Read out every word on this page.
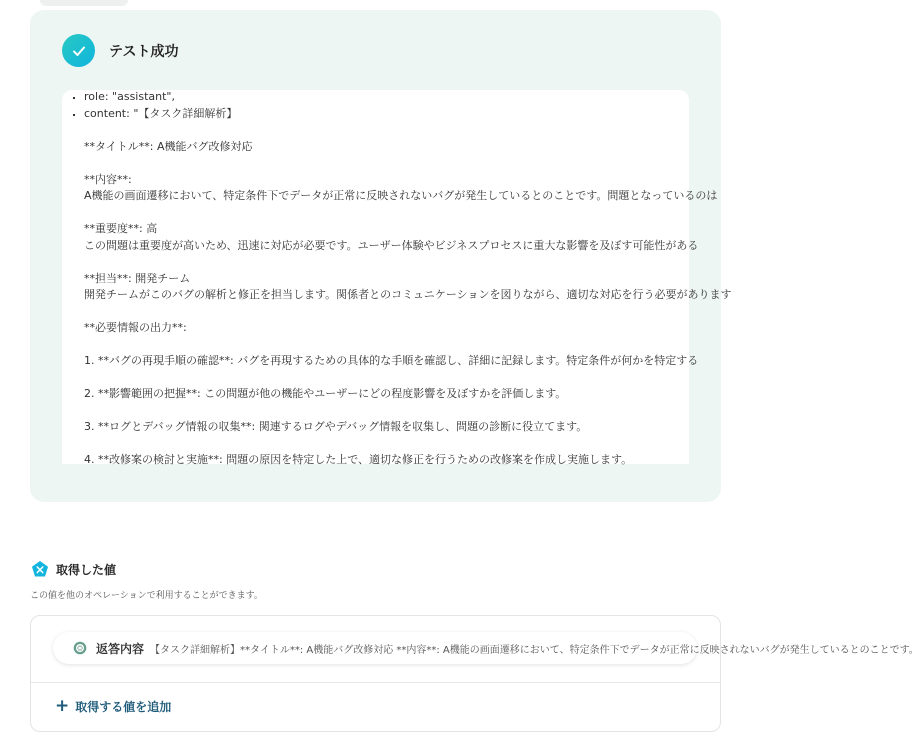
テスト成功
▪ role: "assistant",
▪ content: "【タスク詳細解析】

**タイトル**: A機能バグ改修対応

**内容**:
A機能の画面遷移において、特定条件下でデータが正常に反映されないバグが発生しているとのことです。問題となっているのは

**重要度**: 高
この問題は重要度が高いため、迅速に対応が必要です。ユーザー体験やビジネスプロセスに重大な影響を及ぼす可能性がある

**担当**: 開発チーム
開発チームがこのバグの解析と修正を担当します。関係者とのコミュニケーションを図りながら、適切な対応を行う必要があります

**必要情報の出力**:

1. **バグの再現手順の確認**: バグを再現するための具体的な手順を確認し、詳細に記録します。特定条件が何かを特定する

2. **影響範囲の把握**: この問題が他の機能やユーザーにどの程度影響を及ぼすかを評価します。

3. **ログとデバッグ情報の収集**: 関連するログやデバッグ情報を収集し、問題の診断に役立てます。

4. **改修案の検討と実施**: 問題の原因を特定した上で、適切な修正を行うための改修案を作成し実施します。
取得した値
この値を他のオペレーションで利用することができます。
返答内容 【タスク詳細解析】**タイトル**: A機能バグ改修対応 **内容**: A機能の画面遷移において、特定条件下でデータが正常に反映されないバグが発生しているとのことです。
+ 取得する値を追加
